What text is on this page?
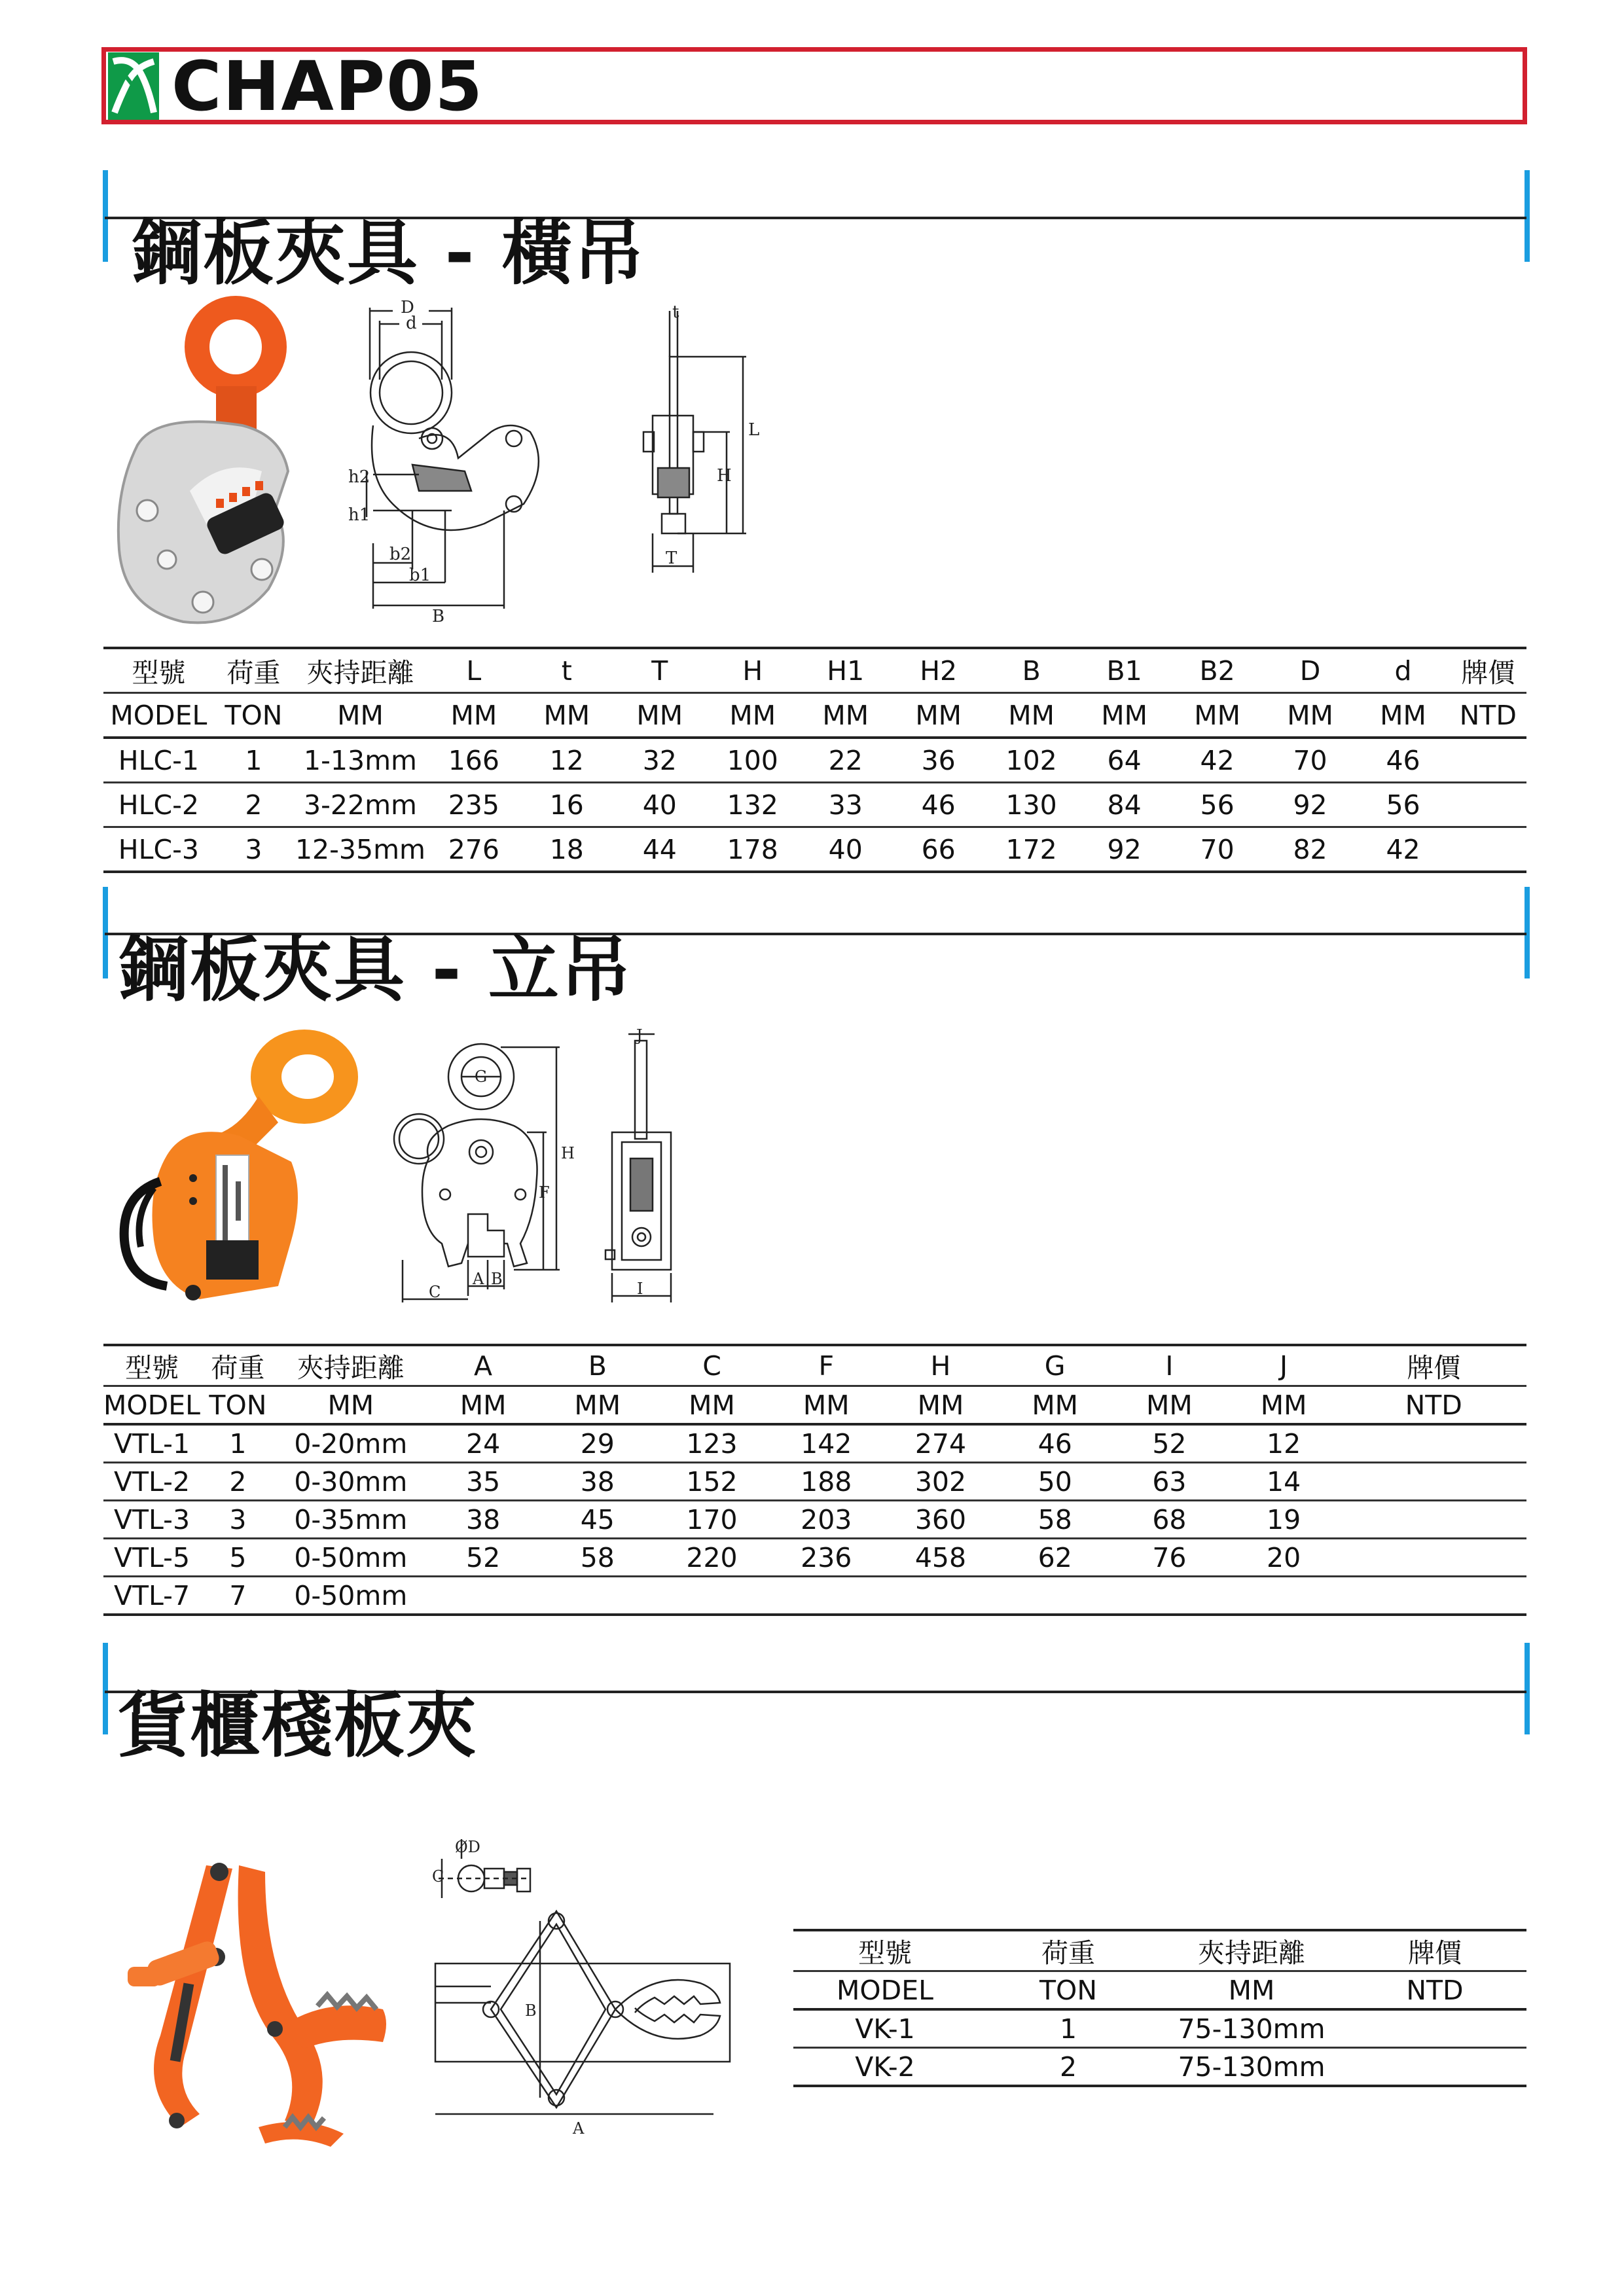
CHAP05
鋼板夾具 - 橫吊
D
d
h2
h1
b2
b1
B
t
L
H
T
型號	荷重	夾持距離	L	t	T	H	H1	H2	B	B1	B2	D	d	牌價
MODEL	TON	MM	MM	MM	MM	MM	MM	MM	MM	MM	MM	MM	MM	NTD
HLC-1	1	1-13mm	166	12	32	100	22	36	102	64	42	70	46	
HLC-2	2	3-22mm	235	16	40	132	33	46	130	84	56	92	56	
HLC-3	3	12-35mm	276	18	44	178	40	66	172	92	70	82	42	
鋼板夾具 - 立吊
G
H
F
A B
C
J
I
型號	荷重	夾持距離	A	B	C	F	H	G	I	J	牌價
MODEL	TON	MM	MM	MM	MM	MM	MM	MM	MM	MM	NTD
VTL-1	1	0-20mm	24	29	123	142	274	46	52	12	
VTL-2	2	0-30mm	35	38	152	188	302	50	63	14	
VTL-3	3	0-35mm	38	45	170	203	360	58	68	19	
VTL-5	5	0-50mm	52	58	220	236	458	62	76	20	
VTL-7	7	0-50mm									
貨櫃棧板夾
C
ØD
B
A
型號	荷重	夾持距離	牌價
MODEL	TON	MM	NTD
VK-1	1	75-130mm	
VK-2	2	75-130mm	
